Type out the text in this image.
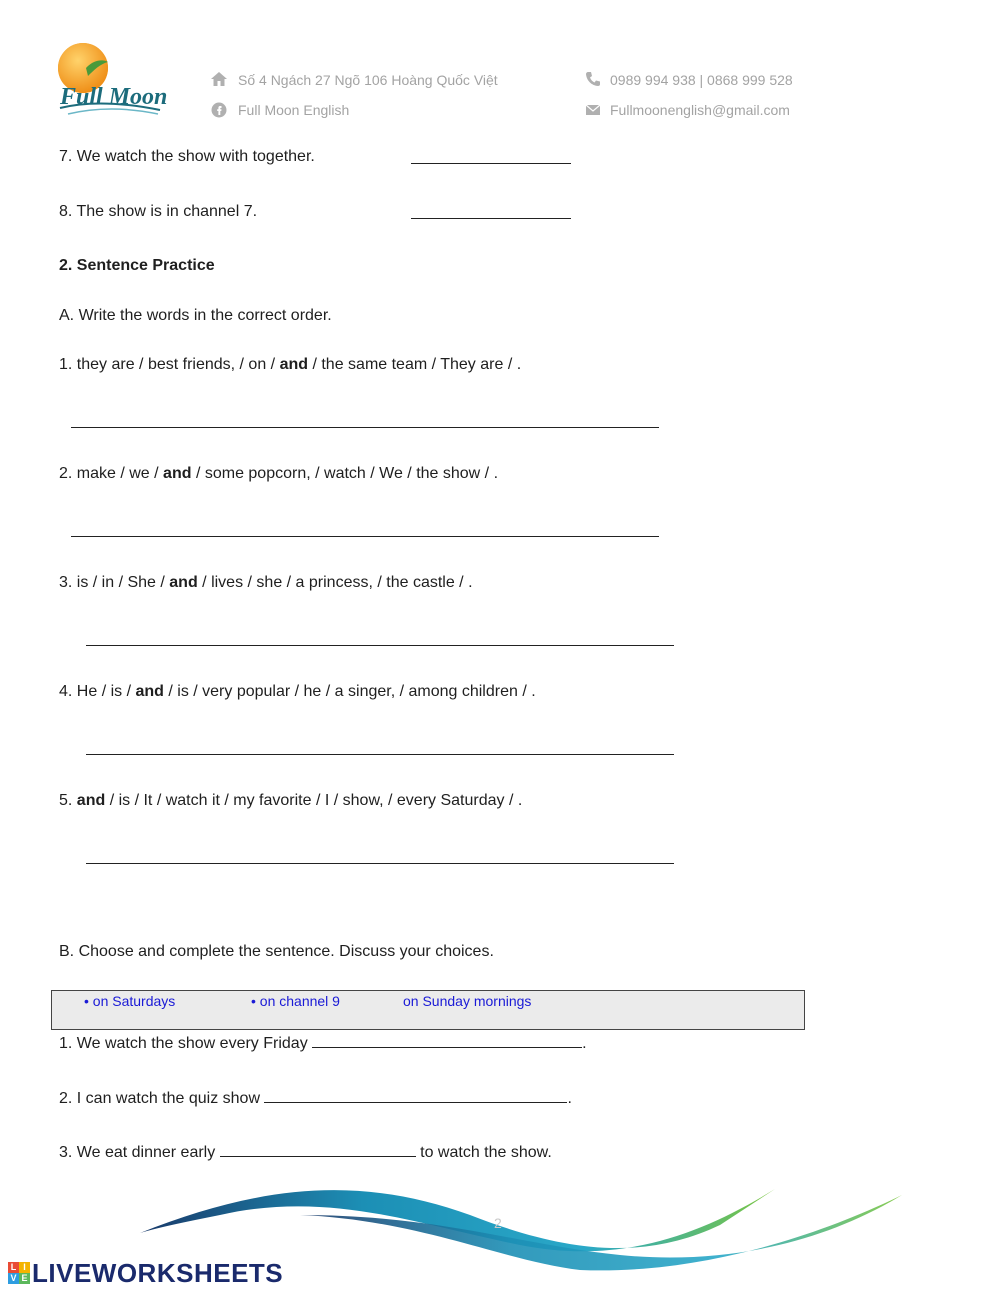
Full Moon
Số 4 Ngách 27 Ngõ 106 Hoàng Quốc Việt
Full Moon English
0989 994 938 | 0868 999 528
Fullmoonenglish@gmail.com
7. We watch the show with together.
8. The show is in channel 7.
2. Sentence Practice
A. Write the words in the correct order.
1. they are / best friends, / on / and / the same team / They are / .
2. make / we / and / some popcorn, / watch / We / the show / .
3. is / in / She / and / lives / she / a princess, / the castle / .
4. He / is / and / is / very popular / he / a singer, / among children / .
5. and / is / It / watch it / my favorite / I / show, / every Saturday / .
B. Choose and complete the sentence. Discuss your choices.
• on Saturdays	• on channel 9	on Sunday mornings
1. We watch the show every Friday	.
2. I can watch the quiz show	.
3. We eat dinner early	to watch the show.
2
L I
V E LIVEWORKSHEETS
